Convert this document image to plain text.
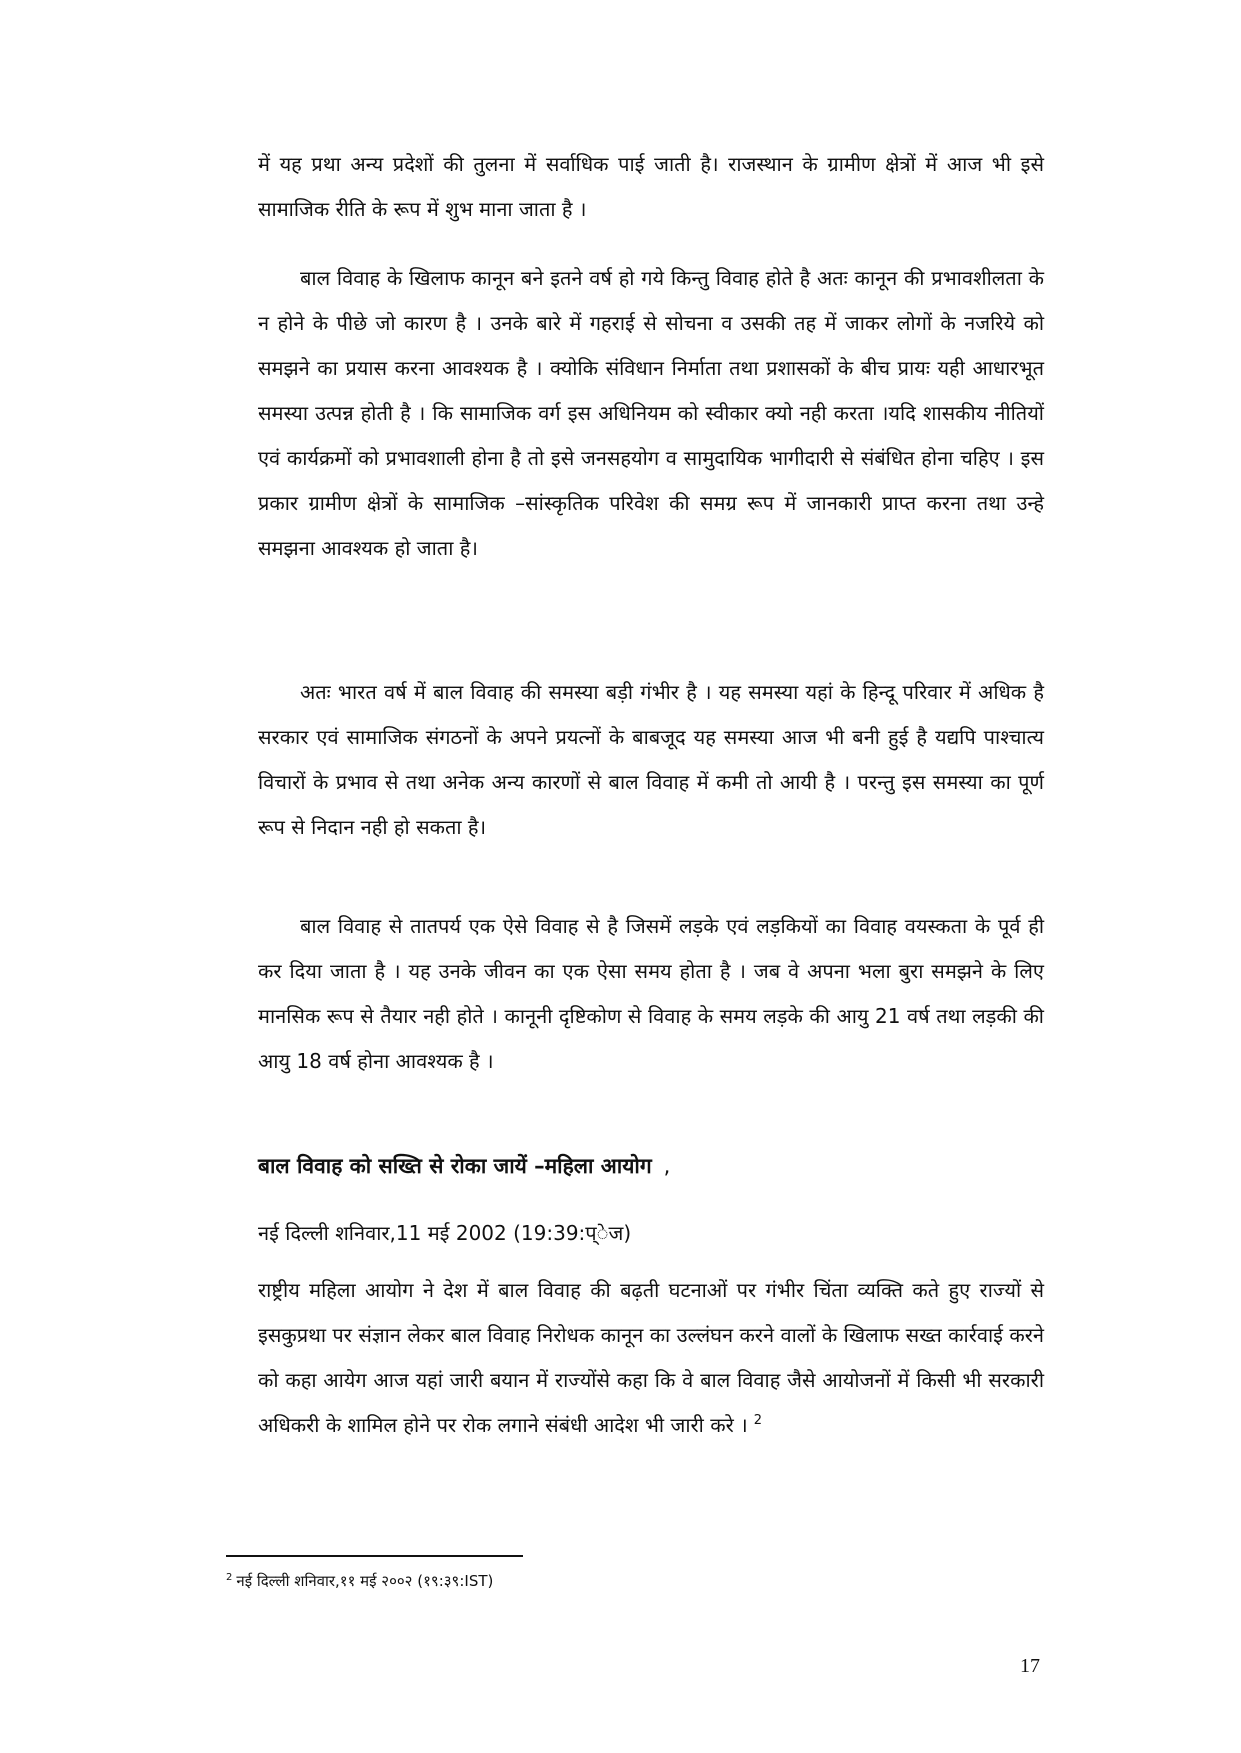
में यह प्रथा अन्य प्रदेशों की तुलना में सर्वाधिक पाई जाती है। राजस्थान के ग्रामीण क्षेत्रों में आज भी इसे सामाजिक रीति के रूप में शुभ माना जाता है ।

बाल विवाह के खिलाफ कानून बने इतने वर्ष हो गये किन्तु विवाह होते है अतः कानून की प्रभावशीलता के न होने के पीछे जो कारण है । उनके बारे में गहराई से सोचना व उसकी तह में जाकर लोगों के नजरिये को समझने का प्रयास करना आवश्यक है । क्योकि संविधान निर्माता तथा प्रशासकों के बीच प्रायः यही आधारभूत समस्या उत्पन्न होती है । कि सामाजिक वर्ग इस अधिनियम को स्वीकार क्यो नही करता ।यदि शासकीय नीतियों एवं कार्यक्रमों को प्रभावशाली होना है तो इसे जनसहयोग व सामुदायिक भागीदारी से संबंधित होना चहिए । इस प्रकार ग्रामीण क्षेत्रों के सामाजिक –सांस्कृतिक परिवेश की समग्र रूप में जानकारी प्राप्त करना तथा उन्हे समझना आवश्यक हो जाता है।

अतः भारत वर्ष में बाल विवाह की समस्या बड़ी गंभीर है । यह समस्या यहां के हिन्दू परिवार में अधिक है सरकार एवं सामाजिक संगठनों के अपने प्रयत्नों के बाबजूद यह समस्या आज भी बनी हुई है यद्यपि पाश्चात्य विचारों के प्रभाव से तथा अनेक अन्य कारणों से बाल विवाह में कमी तो आयी है । परन्तु इस समस्या का पूर्ण रूप से निदान नही हो सकता है।

बाल विवाह से तातपर्य एक ऐसे विवाह से है जिसमें लड़के एवं लड़कियों का विवाह वयस्कता के पूर्व ही कर दिया जाता है । यह उनके जीवन का एक ऐसा समय होता है । जब वे अपना भला बुरा समझने के लिए मानसिक रूप से तैयार नही होते । कानूनी दृष्टिकोण से विवाह के समय लड़के की आयु 21 वर्ष तथा लड़की की आयु 18 वर्ष होना आवश्यक है ।

बाल विवाह को सख्ति से रोका जायें –महिला आयोग ,
नई दिल्ली शनिवार,11 मई 2002 (19:39:प्ेज)

राष्ट्रीय महिला आयोग ने देश में बाल विवाह की बढ़ती घटनाओं पर गंभीर चिंता व्यक्ति कते हुए राज्यों से इसकुप्रथा पर संज्ञान लेकर बाल विवाह निरोधक कानून का उल्लंघन करने वालों के खिलाफ सख्त कार्रवाई करने को कहा आयेग आज यहां जारी बयान में राज्योंसे कहा कि वे बाल विवाह जैसे आयोजनों में किसी भी सरकारी अधिकरी के शामिल होने पर रोक लगाने संबंधी आदेश भी जारी करे । $^2$

$^2$ नई दिल्ली शनिवार,११ मई २००२ (१९:३९:IST)
17
